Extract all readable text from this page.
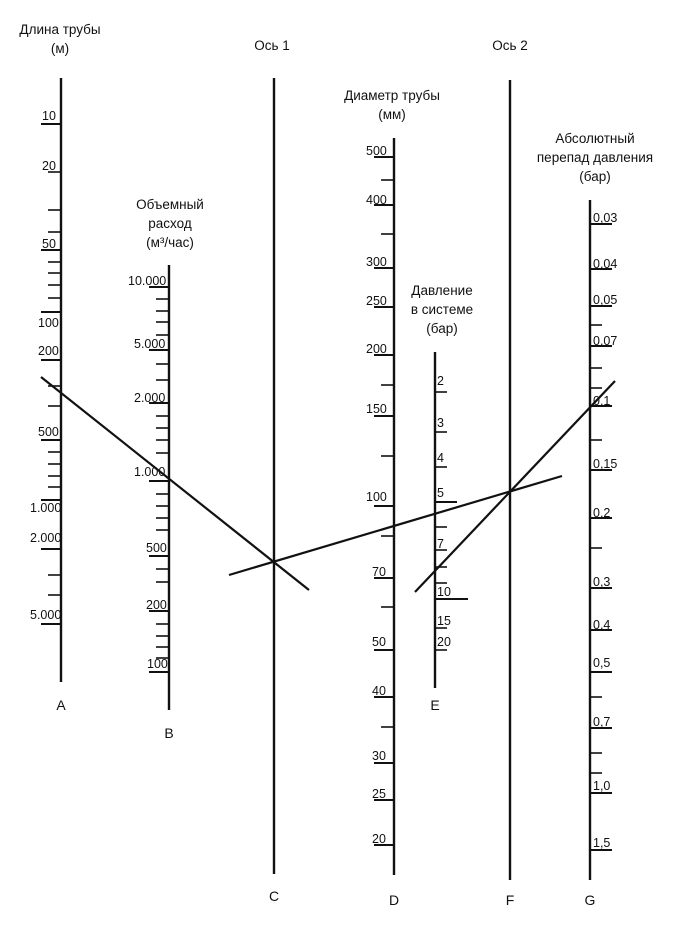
Длина трубы
(м)
10
20
50
100
200
500
1.000
2.000
5.000
A
Объемный
расход
(м³/час)
10.000
5.000
2.000
1.000
500
200
100
B
Ось 1
C
Диаметр трубы
(мм)
500
400
300
250
200
150
100
70
50
40
30
25
20
D
Давление
в системе
(бар)
2
3
4
5
7
10
15
20
E
Ось 2
F
Абсолютный
перепад давления
(бар)
0,03
0,04
0,05
0,07
0,1
0,15
0,2
0,3
0,4
0,5
0,7
1,0
1,5
G
